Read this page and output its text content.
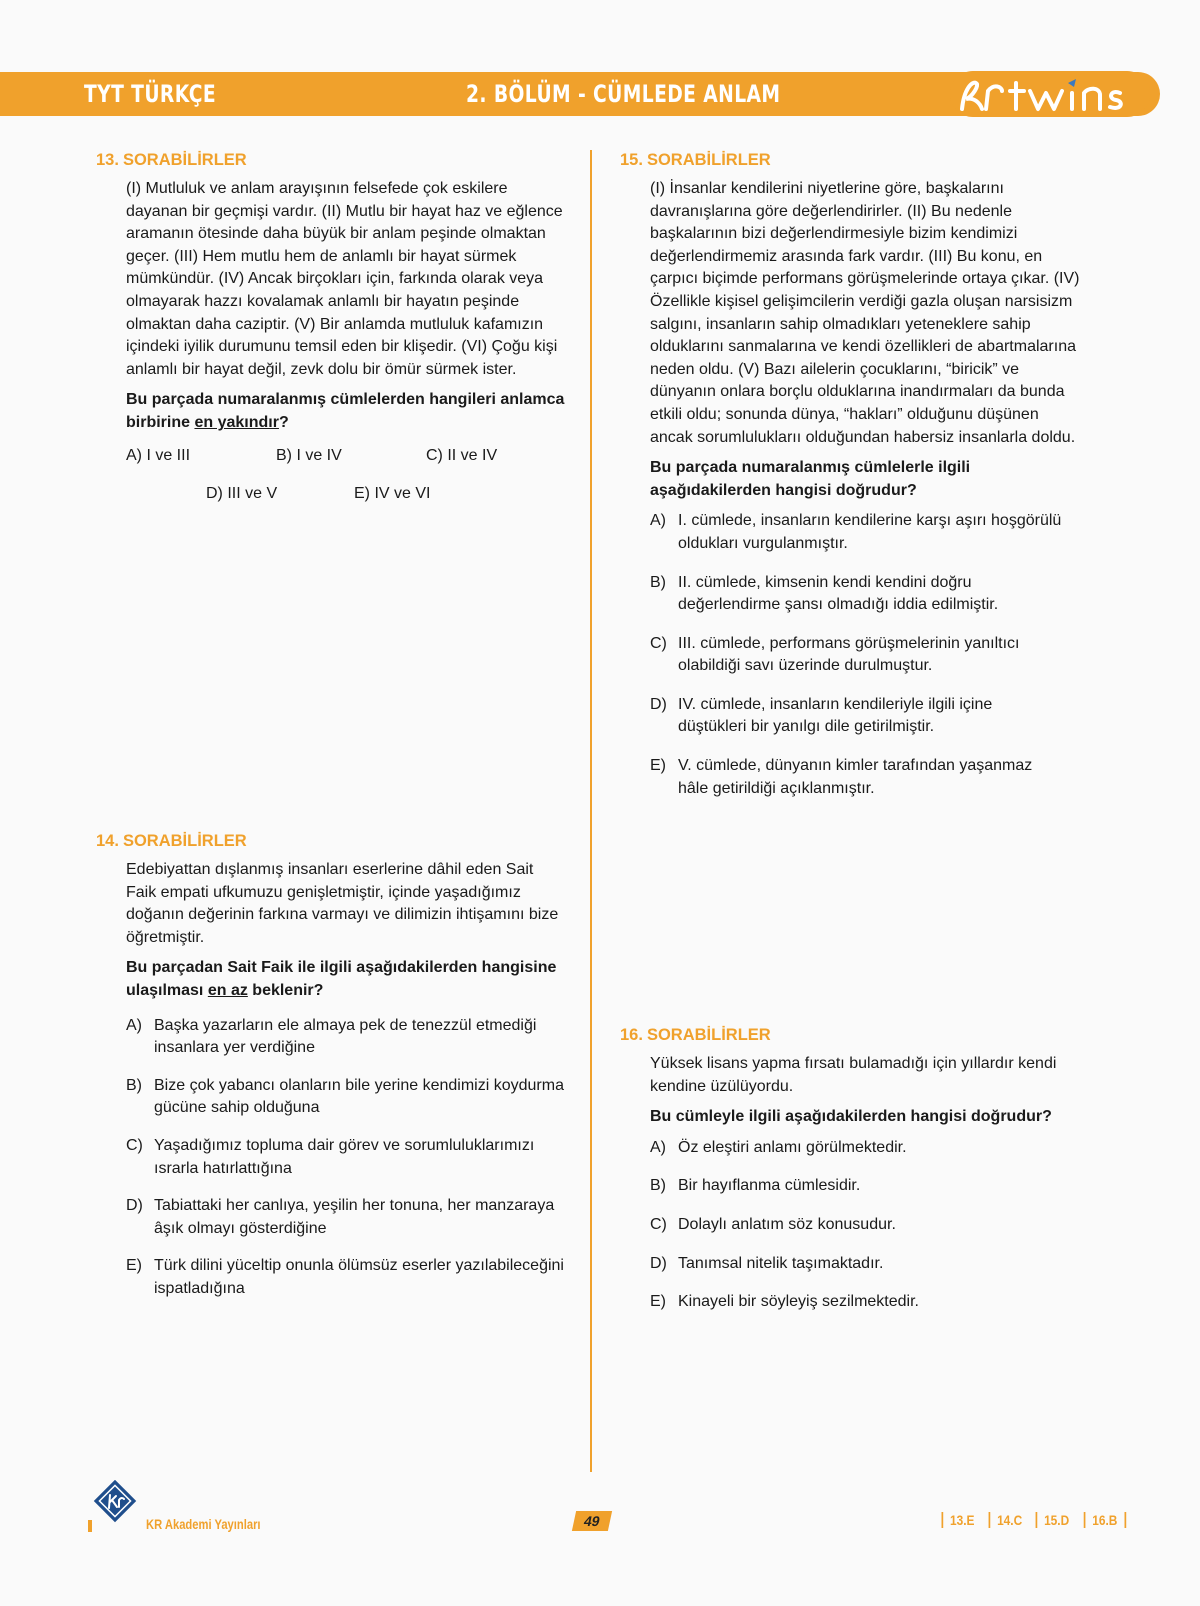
TYT TÜRKÇE	2. BÖLÜM - CÜMLEDE ANLAM
13. SORABİLİRLER
(I) Mutluluk ve anlam arayışının felsefede çok eskilere dayanan bir geçmişi vardır. (II) Mutlu bir hayat haz ve eğlence aramanın ötesinde daha büyük bir anlam peşinde olmaktan geçer. (III) Hem mutlu hem de anlamlı bir hayat sürmek mümkündür. (IV) Ancak birçokları için, farkında olarak veya olmayarak hazzı kovalamak anlamlı bir hayatın peşinde olmaktan daha caziptir. (V) Bir anlamda mutluluk kafamızın içindeki iyilik durumunu temsil eden bir klişedir. (VI) Çoğu kişi anlamlı bir hayat değil, zevk dolu bir ömür sürmek ister.
Bu parçada numaralanmış cümlelerden hangileri anlamca birbirine en yakındır?
A) I ve III	B) I ve IV	C) II ve IV
D) III ve V	E) IV ve VI
14. SORABİLİRLER
Edebiyattan dışlanmış insanları eserlerine dâhil eden Sait Faik empati ufkumuzu genişletmiştir, içinde yaşadığımız doğanın değerinin farkına varmayı ve dilimizin ihtişamını bize öğretmiştir.
Bu parçadan Sait Faik ile ilgili aşağıdakilerden hangisine ulaşılması en az beklenir?
A) Başka yazarların ele almaya pek de tenezzül etmediği insanlara yer verdiğine
B) Bize çok yabancı olanların bile yerine kendimizi koydurma gücüne sahip olduğuna
C) Yaşadığımız topluma dair görev ve sorumluluklarımızı ısrarla hatırlattığına
D) Tabiattaki her canlıya, yeşilin her tonuna, her manzaraya âşık olmayı gösterdiğine
E) Türk dilini yüceltip onunla ölümsüz eserler yazılabileceğini ispatladığına
15. SORABİLİRLER
(I) İnsanlar kendilerini niyetlerine göre, başkalarını davranışlarına göre değerlendirirler. (II) Bu nedenle başkalarının bizi değerlendirmesiyle bizim kendimizi değerlendirmemiz arasında fark vardır. (III) Bu konu, en çarpıcı biçimde performans görüşmelerinde ortaya çıkar. (IV) Özellikle kişisel gelişimcilerin verdiği gazla oluşan narsisizm salgını, insanların sahip olmadıkları yeteneklere sahip olduklarını sanmalarına ve kendi özellikleri de abartmalarına neden oldu. (V) Bazı ailelerin çocuklarını, “biricik” ve dünyanın onlara borçlu olduklarına inandırmaları da bunda etkili oldu; sonunda dünya, “hakları” olduğunu düşünen ancak sorumluluklarıı olduğundan habersiz insanlarla doldu.
Bu parçada numaralanmış cümlelerle ilgili aşağıdakilerden hangisi doğrudur?
A) I. cümlede, insanların kendilerine karşı aşırı hoşgörülü oldukları vurgulanmıştır.
B) II. cümlede, kimsenin kendi kendini doğru değerlendirme şansı olmadığı iddia edilmiştir.
C) III. cümlede, performans görüşmelerinin yanıltıcı olabildiği savı üzerinde durulmuştur.
D) IV. cümlede, insanların kendileriyle ilgili içine düştükleri bir yanılgı dile getirilmiştir.
E) V. cümlede, dünyanın kimler tarafından yaşanmaz hâle getirildiği açıklanmıştır.
16. SORABİLİRLER
Yüksek lisans yapma fırsatı bulamadığı için yıllardır kendi kendine üzülüyordu.
Bu cümleyle ilgili aşağıdakilerden hangisi doğrudur?
A) Öz eleştiri anlamı görülmektedir.
B) Bir hayıflanma cümlesidir.
C) Dolaylı anlatım söz konusudur.
D) Tanımsal nitelik taşımaktadır.
E) Kinayeli bir söyleyiş sezilmektedir.
KR Akademi Yayınları	49	13.E	14.C	15.D	16.B
